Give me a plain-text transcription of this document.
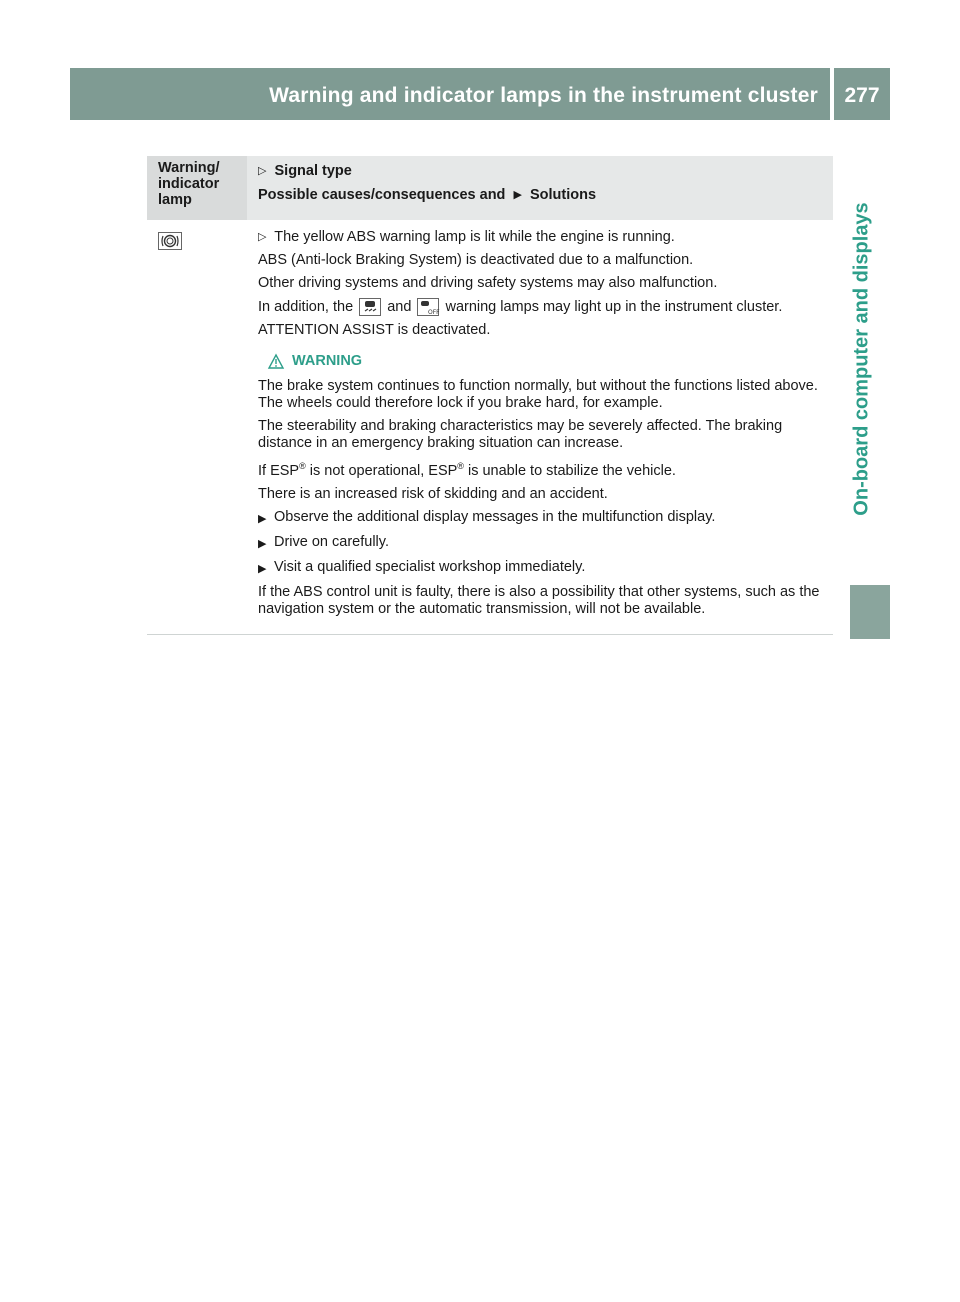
Warning and indicator lamps in the instrument cluster	277
On-board computer and displays
Warning/
indicator
lamp
▷ Signal type
Possible causes/consequences and ▶ Solutions

▷ The yellow ABS warning lamp is lit while the engine is running.

ABS (Anti-lock Braking System) is deactivated due to a malfunction.

Other driving systems and driving safety systems may also malfunction.

In addition, the and	OFF warning lamps may light up in the instrument cluster.

ATTENTION ASSIST is deactivated.

WARNING

The brake system continues to function normally, but without the functions listed above. The wheels could therefore lock if you brake hard, for example.

The steerability and braking characteristics may be severely affected. The braking distance in an emergency braking situation can increase.

If ESP® is not operational, ESP® is unable to stabilize the vehicle.

There is an increased risk of skidding and an accident.

▶ Observe the additional display messages in the multifunction display.
▶ Drive on carefully.
▶ Visit a qualified specialist workshop immediately.

If the ABS control unit is faulty, there is also a possibility that other systems, such as the navigation system or the automatic transmission, will not be available.
